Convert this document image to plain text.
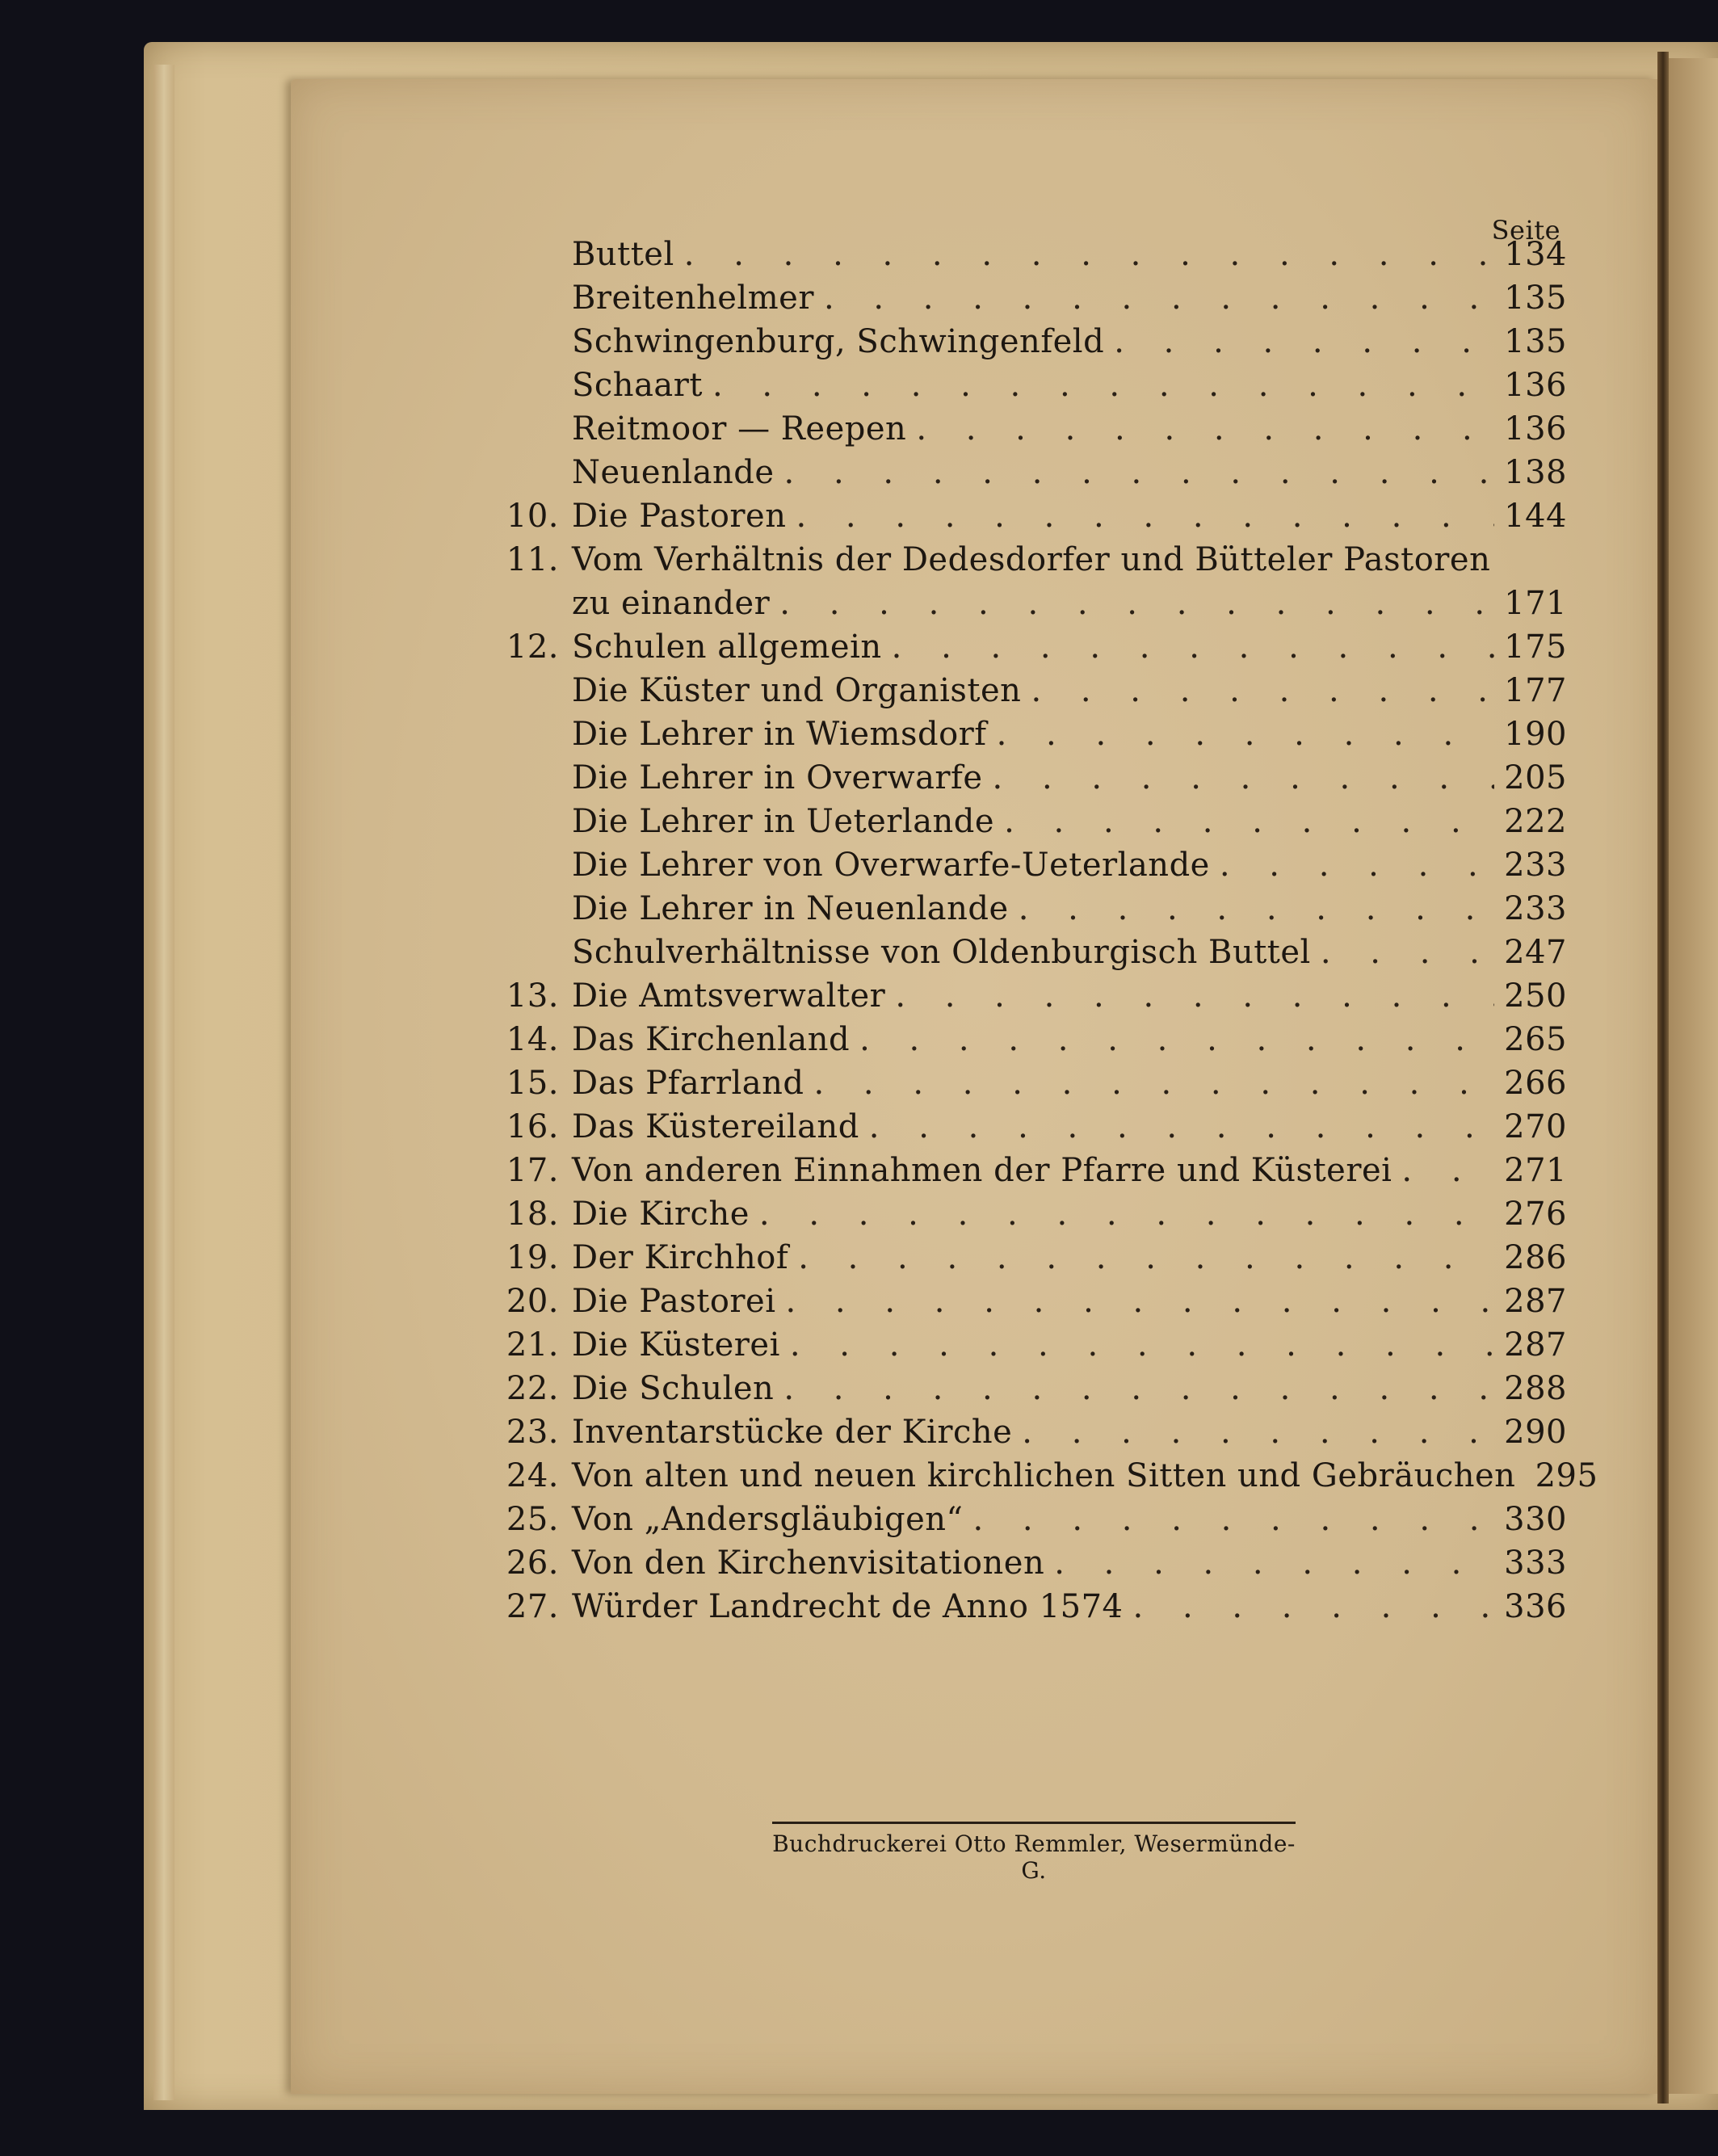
Seite
Buttel . . .	134
Breitenhelmer . . .	135
Schwingenburg, Schwingenfeld . . .	135
Schaart . . .	136
Reitmoor — Reepen . . .	136
Neuenlande . . .	138
10. Die Pastoren . . .	144
11. Vom Verhältnis der Dedesdorfer und Bütteler Pastoren
zu einander . . .	171
12. Schulen allgemein . . .	175
Die Küster und Organisten . . .	177
Die Lehrer in Wiemsdorf . . .	190
Die Lehrer in Overwarfe . . .	205
Die Lehrer in Ueterlande . . .	222
Die Lehrer von Overwarfe-Ueterlande . . .	233
Die Lehrer in Neuenlande . . .	233
Schulverhältnisse von Oldenburgisch Buttel . . .	247
13. Die Amtsverwalter . . .	250
14. Das Kirchenland . . .	265
15. Das Pfarrland . . .	266
16. Das Küstereiland . . .	270
17. Von anderen Einnahmen der Pfarre und Küsterei . . .	271
18. Die Kirche . . .	276
19. Der Kirchhof . . .	286
20. Die Pastorei . . .	287
21. Die Küsterei . . .	287
22. Die Schulen . . .	288
23. Inventarstücke der Kirche . . .	290
24. Von alten und neuen kirchlichen Sitten und Gebräuchen 295
25. Von „Andersgläubigen“ . . .	330
26. Von den Kirchenvisitationen . . .	333
27. Würder Landrecht de Anno 1574 . . .	336
Buchdruckerei Otto Remmler, Wesermünde-G.
